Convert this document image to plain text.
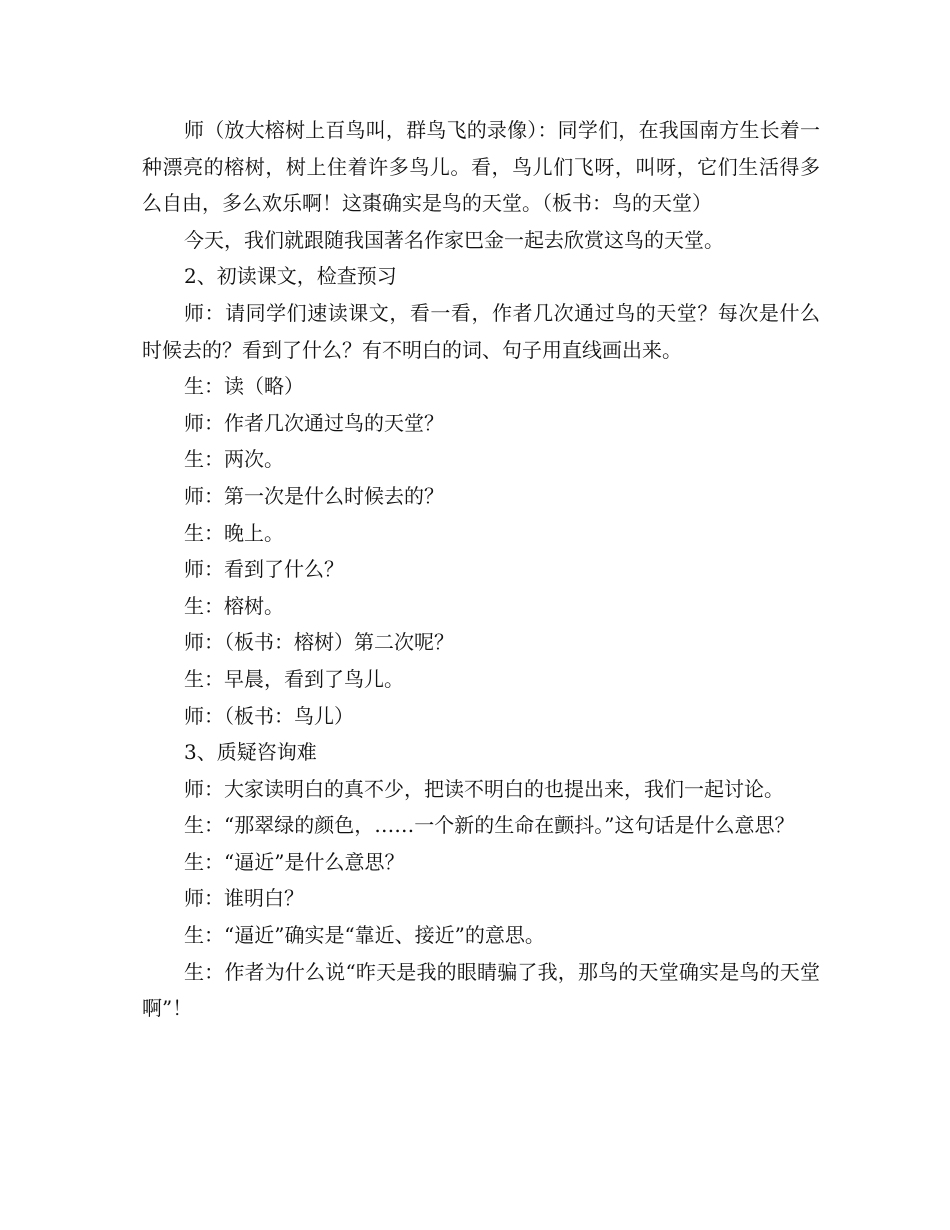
师（放大榕树上百鸟叫，群鸟飞的录像）：同学们，在我国南方生长着一种漂亮的榕树，树上住着许多鸟儿。看，鸟儿们飞呀，叫呀，它们生活得多么自由，多么欢乐啊！这棗确实是鸟的天堂。（板书：鸟的天堂）

今天，我们就跟随我国著名作家巴金一起去欣赏这鸟的天堂。

2、初读课文，检查预习

师：请同学们速读课文，看一看，作者几次通过鸟的天堂？每次是什么时候去的？看到了什么？有不明白的词、句子用直线画出来。

生：读（略）

师：作者几次通过鸟的天堂？

生：两次。

师：第一次是什么时候去的？

生：晚上。

师：看到了什么？

生：榕树。

师：（板书：榕树）第二次呢？

生：早晨，看到了鸟儿。

师：（板书：鸟儿）

3、质疑咨询难

师：大家读明白的真不少，把读不明白的也提出来，我们一起讨论。

生：“那翠绿的颜色，……一个新的生命在颤抖。”这句话是什么意思？

生：“逼近”是什么意思？

师：谁明白？

生：“逼近”确实是“靠近、接近”的意思。

生：作者为什么说“昨天是我的眼睛骗了我，那鸟的天堂确实是鸟的天堂啊”！
